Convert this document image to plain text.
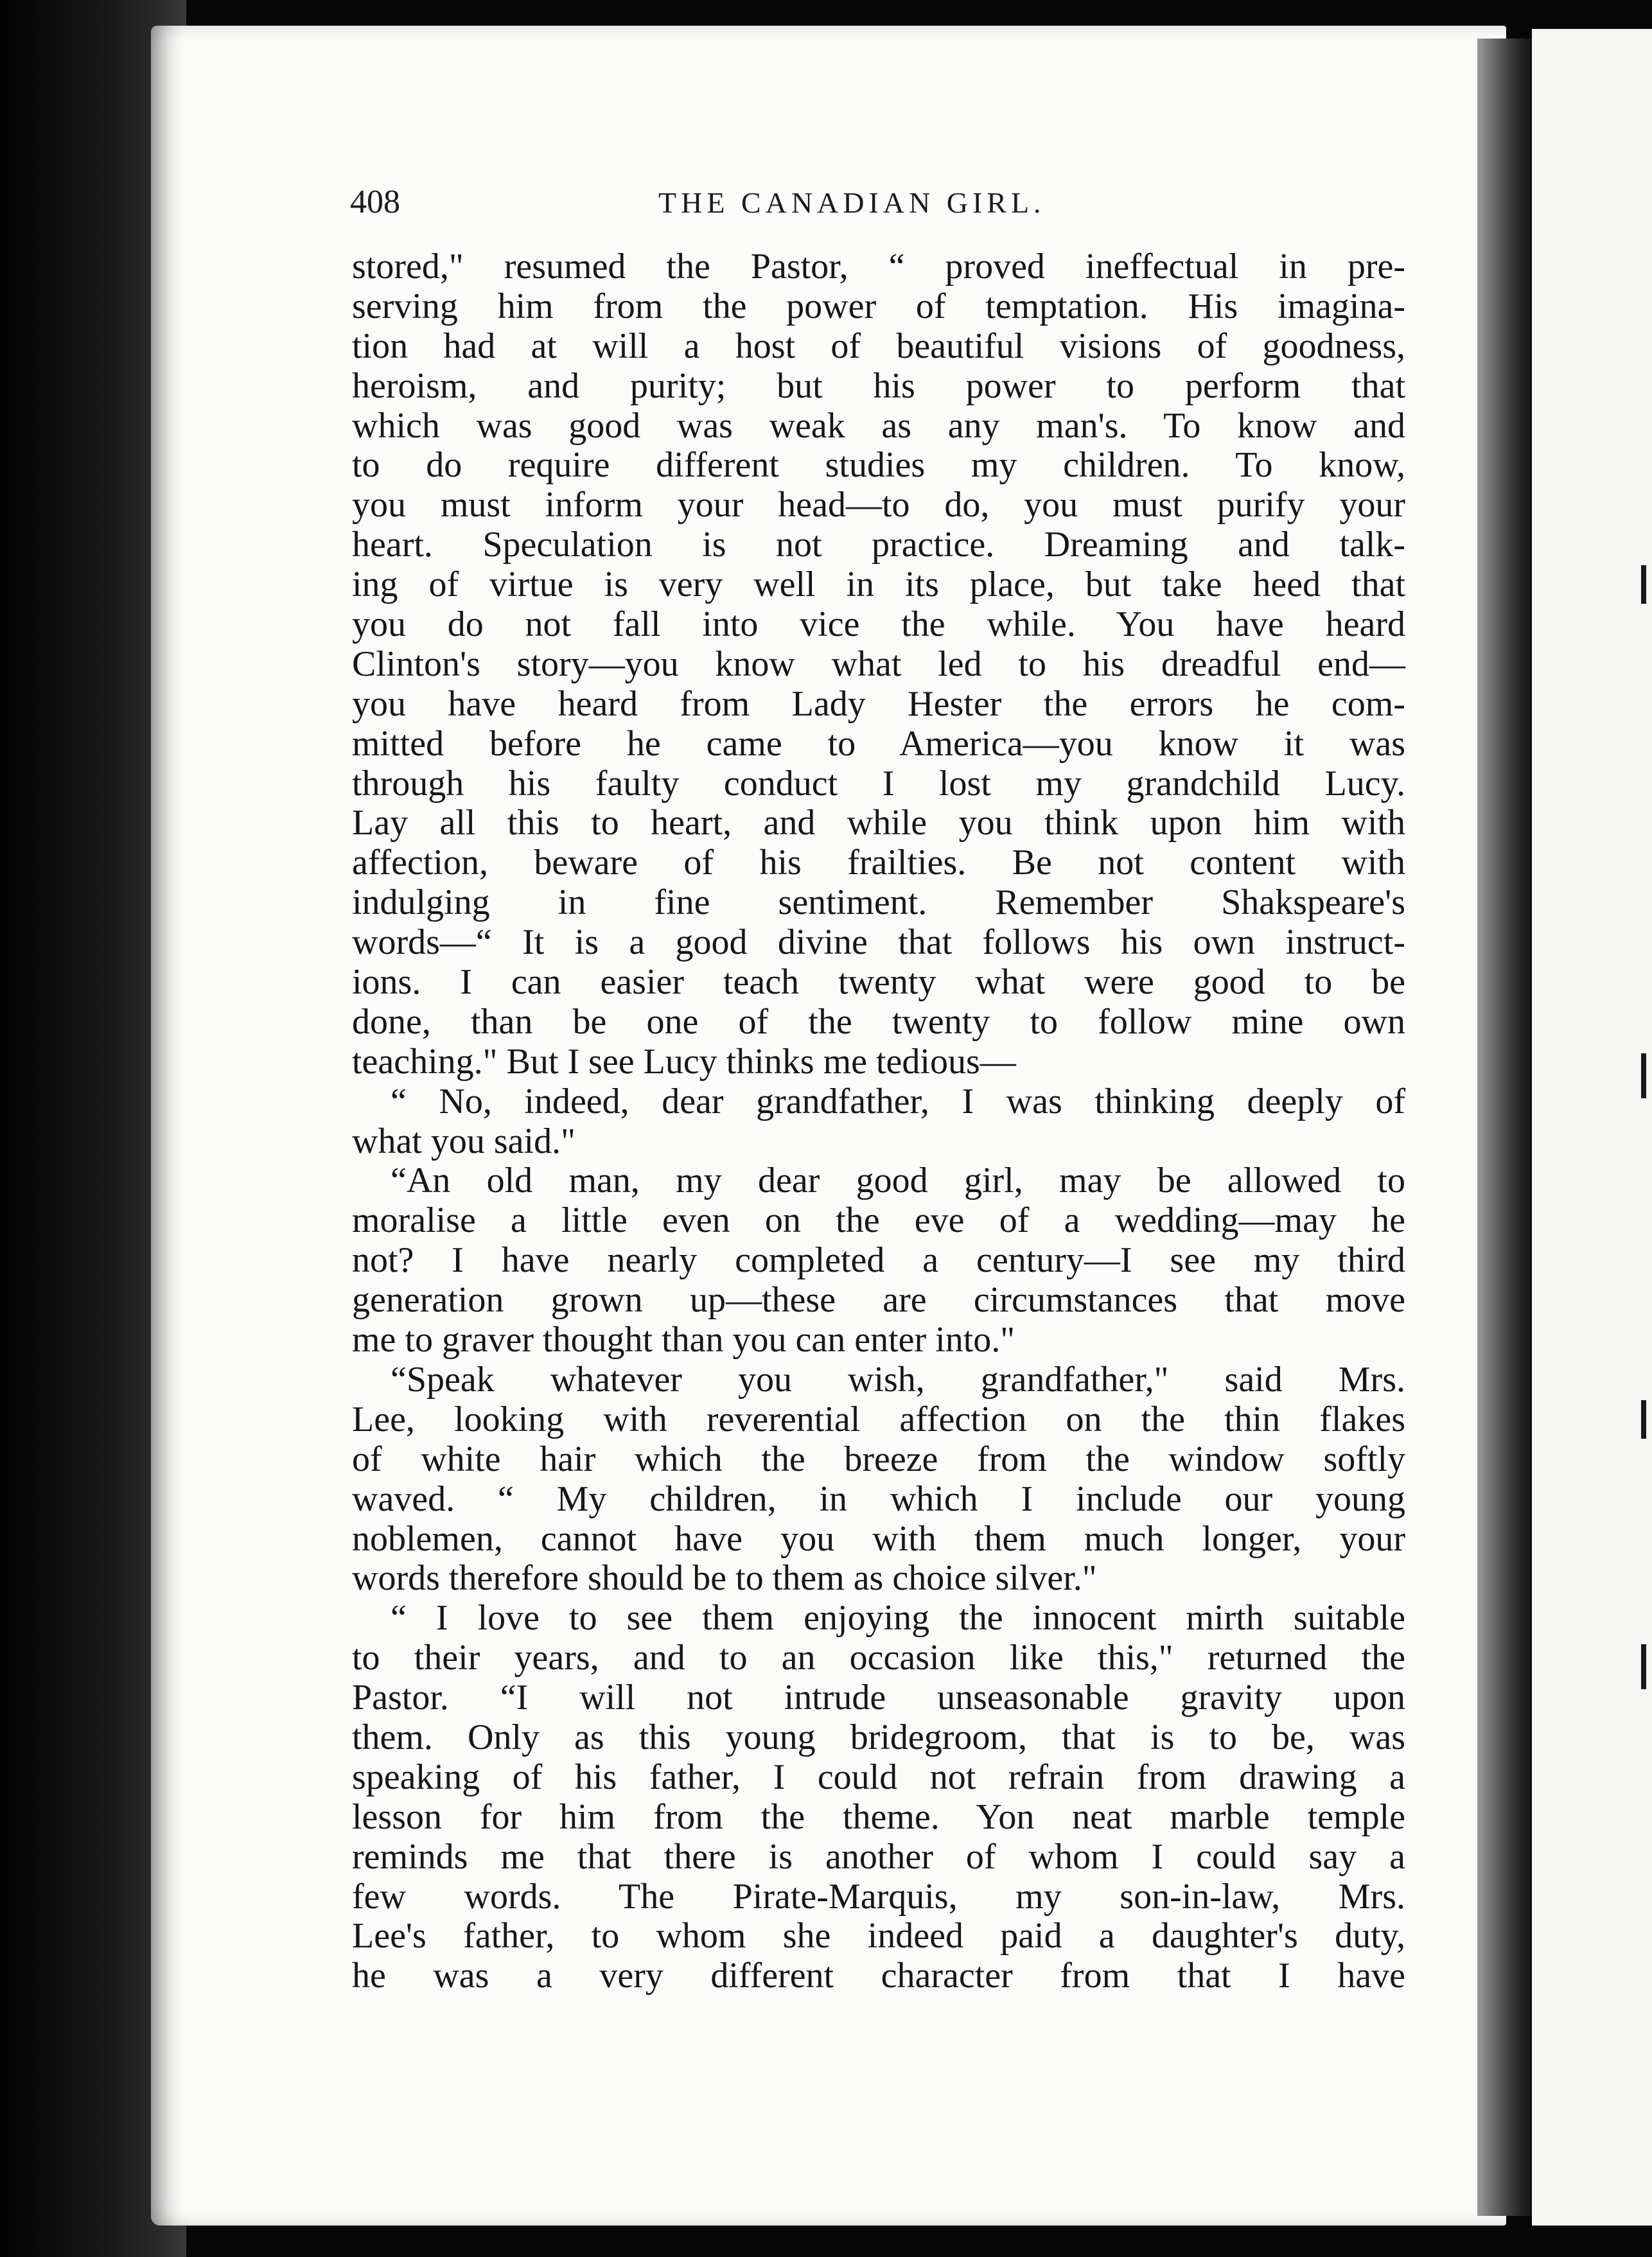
408	THE CANADIAN GIRL.
stored," resumed the Pastor, “ proved ineffectual in pre-
serving him from the power of temptation. His imagina-
tion had at will a host of beautiful visions of goodness,
heroism, and purity; but his power to perform that
which was good was weak as any man's. To know and
to do require different studies my children. To know,
you must inform your head—to do, you must purify your
heart. Speculation is not practice. Dreaming and talk-
ing of virtue is very well in its place, but take heed that
you do not fall into vice the while. You have heard
Clinton's story—you know what led to his dreadful end—
you have heard from Lady Hester the errors he com-
mitted before he came to America—you know it was
through his faulty conduct I lost my grandchild Lucy.
Lay all this to heart, and while you think upon him with
affection, beware of his frailties. Be not content with
indulging in fine sentiment. Remember Shakspeare's
words—“ It is a good divine that follows his own instruct-
ions. I can easier teach twenty what were good to be
done, than be one of the twenty to follow mine own
teaching." But I see Lucy thinks me tedious—
“ No, indeed, dear grandfather, I was thinking deeply of
what you said."
“An old man, my dear good girl, may be allowed to
moralise a little even on the eve of a wedding—may he
not? I have nearly completed a century—I see my third
generation grown up—these are circumstances that move
me to graver thought than you can enter into."
“Speak whatever you wish, grandfather," said Mrs.
Lee, looking with reverential affection on the thin flakes
of white hair which the breeze from the window softly
waved. “ My children, in which I include our young
noblemen, cannot have you with them much longer, your
words therefore should be to them as choice silver."
“ I love to see them enjoying the innocent mirth suitable
to their years, and to an occasion like this," returned the
Pastor. “I will not intrude unseasonable gravity upon
them. Only as this young bridegroom, that is to be, was
speaking of his father, I could not refrain from drawing a
lesson for him from the theme. Yon neat marble temple
reminds me that there is another of whom I could say a
few words. The Pirate-Marquis, my son-in-law, Mrs.
Lee's father, to whom she indeed paid a daughter's duty,
he was a very different character from that I have
